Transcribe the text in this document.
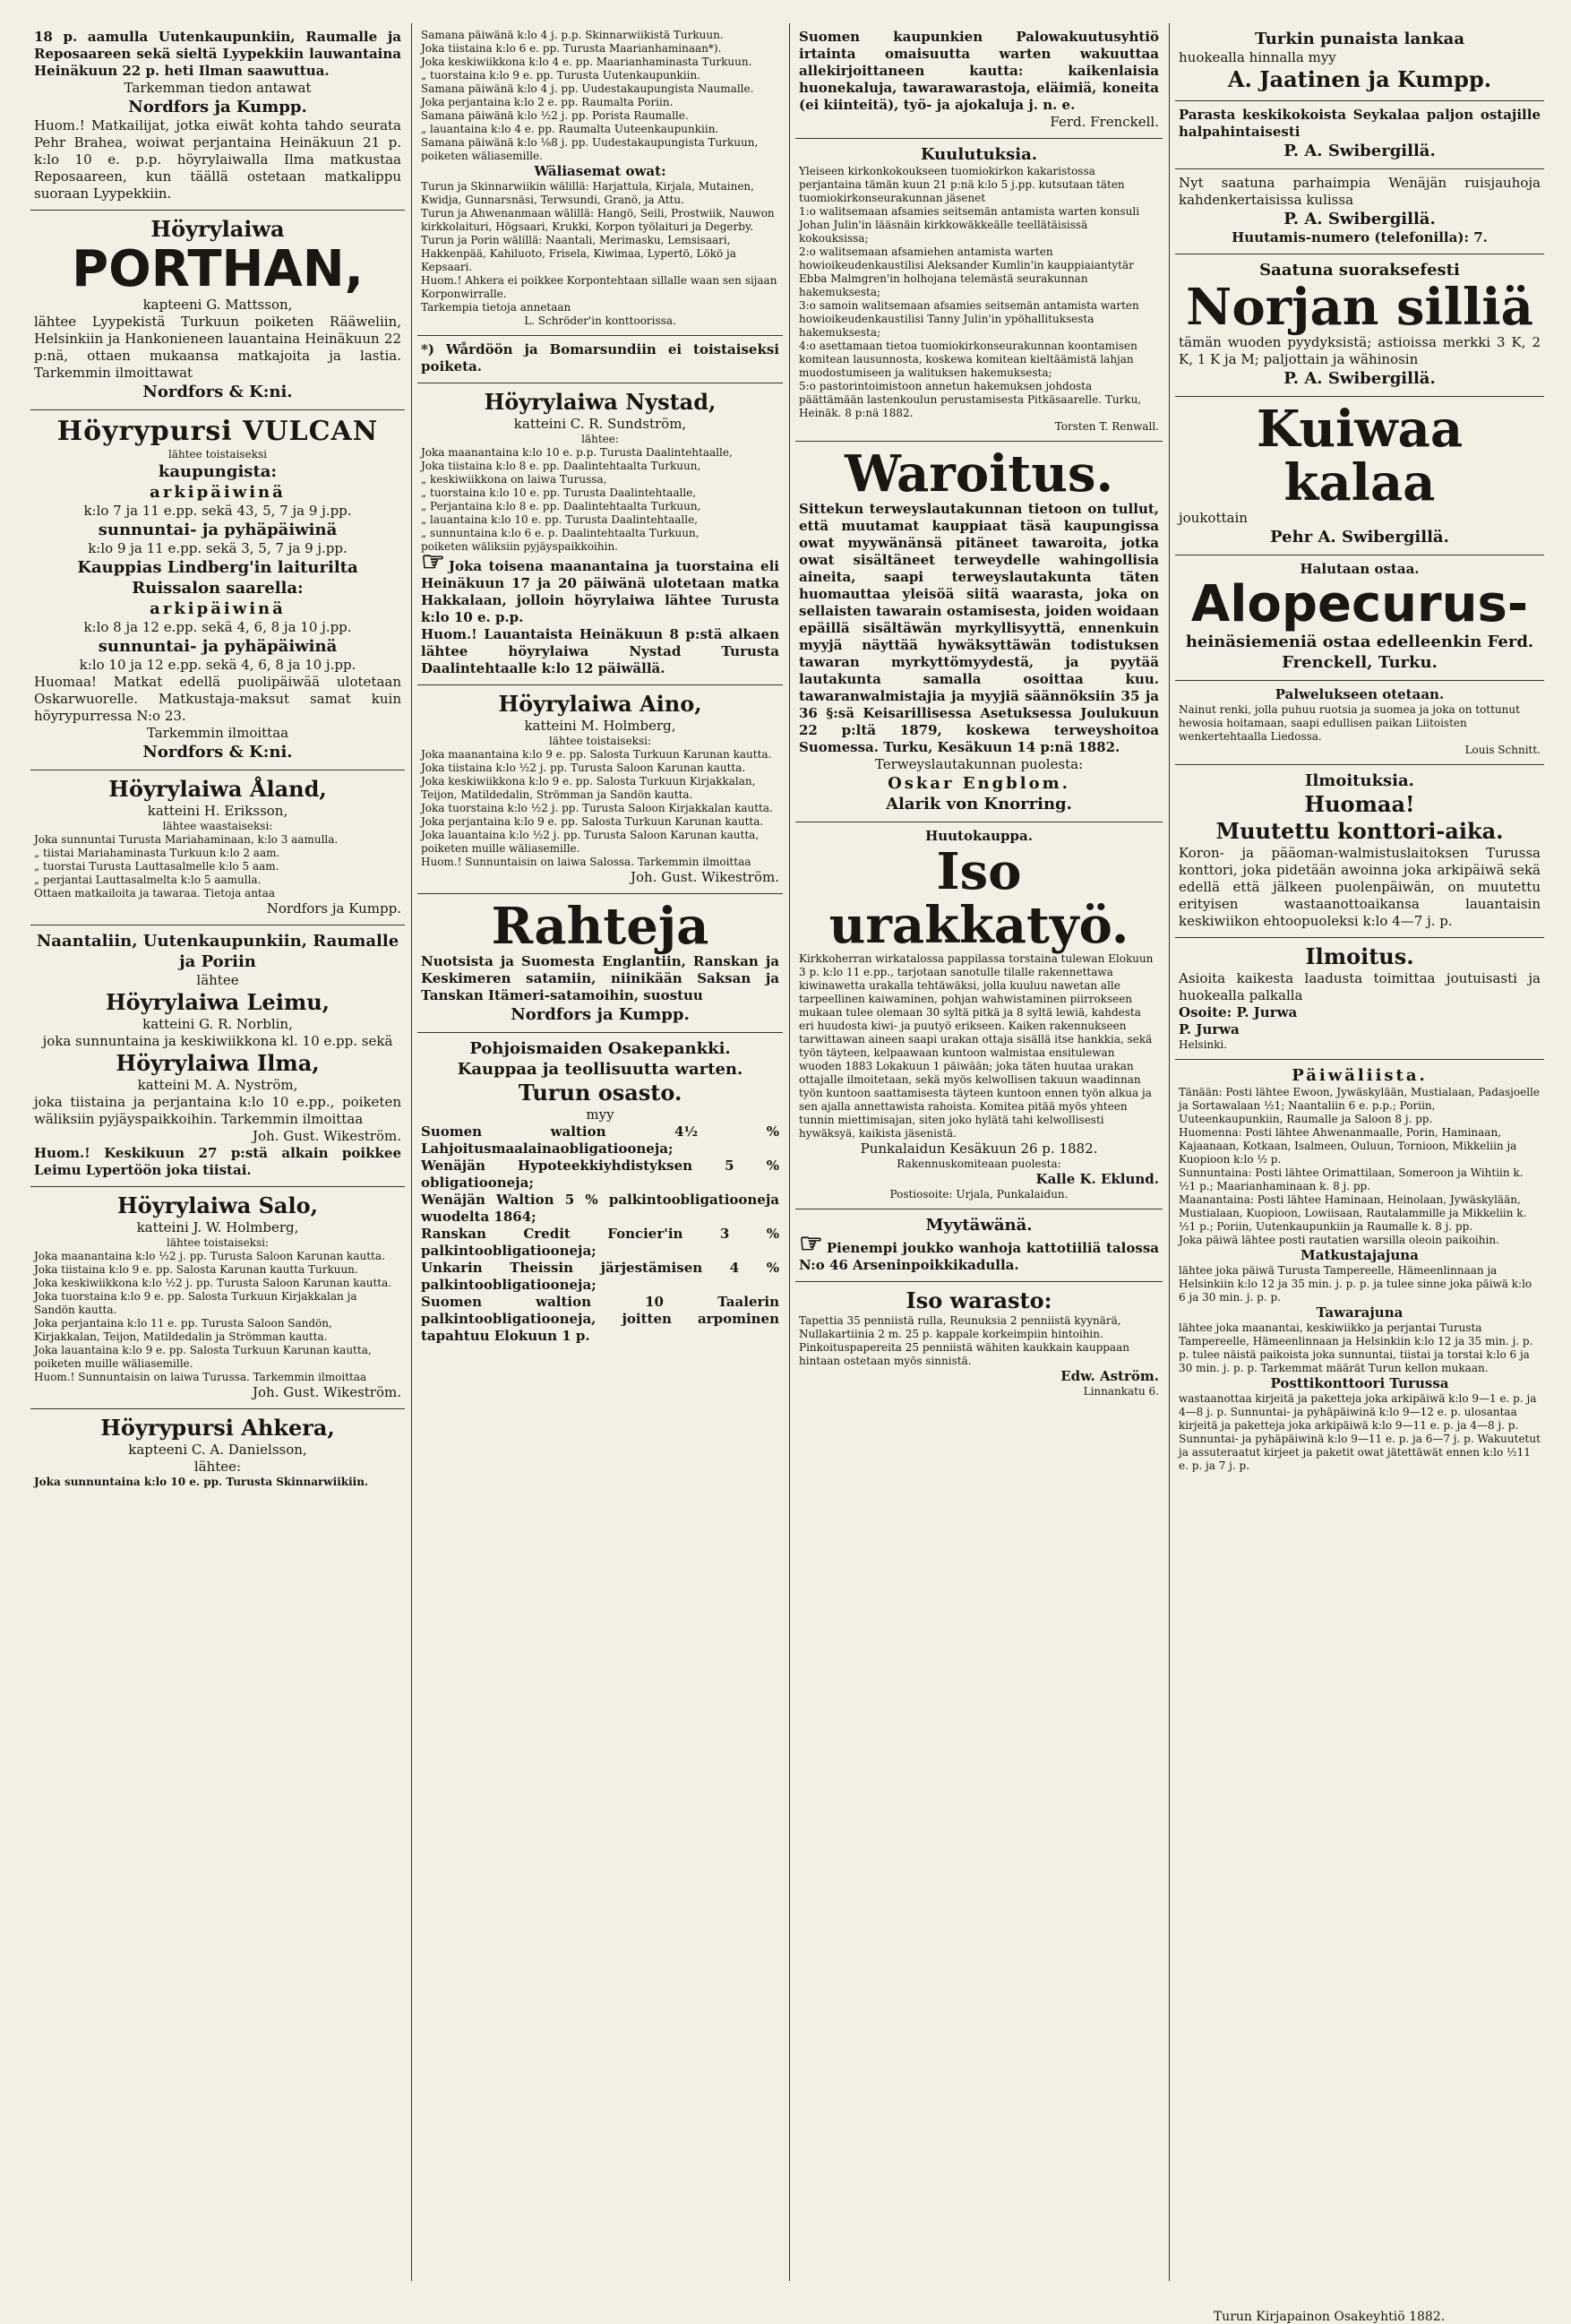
18 p. aamulla Uutenkaupunkiin, Raumalle ja Reposaareen sekä sieltä Lyypekkiin lauwantaina Heinäkuun 22 p. heti Ilman saawuttua.

Tarkemman tiedon antawat

Nordfors ja Kumpp.

Huom.! Matkailijat, jotka eiwät kohta tahdo seurata Pehr Brahea, woiwat perjantaina Heinäkuun 21 p. k:lo 10 e. p.p. höyrylaiwalla Ilma matkustaa Reposaareen, kun täällä ostetaan matkalippu suoraan Lyypekkiin.

Höyrylaiwa

PORTHAN,

kapteeni G. Mattsson,

lähtee Lyypekistä Turkuun poiketen Rääweliin, Helsinkiin ja Hankonieneen lauantaina Heinäkuun 22 p:nä, ottaen mukaansa matkajoita ja lastia. Tarkemmin ilmoittawat

Nordfors & K:ni.

Höyrypursi VULCAN

lähtee toistaiseksi

kaupungista:

arkipäiwinä

k:lo 7 ja 11 e.pp. sekä 43, 5, 7 ja 9 j.pp.

sunnuntai- ja pyhäpäiwinä

k:lo 9 ja 11 e.pp. sekä 3, 5, 7 ja 9 j.pp.

Kauppias Lindberg'in laiturilta Ruissalon saarella:

arkipäiwinä

k:lo 8 ja 12 e.pp. sekä 4, 6, 8 ja 10 j.pp.

sunnuntai- ja pyhäpäiwinä

k:lo 10 ja 12 e.pp. sekä 4, 6, 8 ja 10 j.pp.

Huomaa! Matkat edellä puolipäiwää ulotetaan Oskarwuorelle. Matkustaja-maksut samat kuin höyrypurressa N:o 23.

Tarkemmin ilmoittaa

Nordfors & K:ni.

Höyrylaiwa Åland,

katteini H. Eriksson,

lähtee waastaiseksi:

Joka sunnuntai Turusta Mariahaminaan, k:lo 3 aamulla.

„ tiistai Mariahaminasta Turkuun k:lo 2 aam.

„ tuorstai Turusta Lauttasalmelle k:lo 5 aam.

„ perjantai Lauttasalmelta k:lo 5 aamulla.

Ottaen matkailoita ja tawaraa. Tietoja antaa

Nordfors ja Kumpp.

Naantaliin, Uutenkaupunkiin, Raumalle ja Poriin

lähtee

Höyrylaiwa Leimu,

katteini G. R. Norblin,

joka sunnuntaina ja keskiwiikkona kl. 10 e.pp. sekä

Höyrylaiwa Ilma,

katteini M. A. Nyström,

joka tiistaina ja perjantaina k:lo 10 e.pp., poiketen wäliksiin pyjäyspaikkoihin. Tarkemmin ilmoittaa

Joh. Gust. Wikeström.

Huom.! Keskikuun 27 p:stä alkain poikkee Leimu Lypertöön joka tiistai.

Höyrylaiwa Salo,

katteini J. W. Holmberg,

lähtee toistaiseksi:

Joka maanantaina k:lo ½2 j. pp. Turusta Saloon Karunan kautta.

Joka tiistaina k:lo 9 e. pp. Salosta Karunan kautta Turkuun.

Joka keskiwiikkona k:lo ½2 j. pp. Turusta Saloon Karunan kautta.

Joka tuorstaina k:lo 9 e. pp. Salosta Turkuun Kirjakkalan ja Sandön kautta.

Joka perjantaina k:lo 11 e. pp. Turusta Saloon Sandön, Kirjakkalan, Teijon, Matildedalin ja Strömman kautta.

Joka lauantaina k:lo 9 e. pp. Salosta Turkuun Karunan kautta, poiketen muille wäliasemille.

Huom.! Sunnuntaisin on laiwa Turussa. Tarkemmin ilmoittaa

Joh. Gust. Wikeström.

Höyrypursi Ahkera,

kapteeni C. A. Danielsson,

lähtee:

Joka sunnuntaina k:lo 10 e. pp. Turusta Skinnarwiikiin.

Samana päiwänä k:lo 4 j. p.p. Skinnarwiikistä Turkuun.

Joka tiistaina k:lo 6 e. pp. Turusta Maarianhaminaan*).

Joka keskiwiikkona k:lo 4 e. pp. Maarianhaminasta Turkuun.

„ tuorstaina k:lo 9 e. pp. Turusta Uutenkaupunkiin.

Samana päiwänä k:lo 4 j. pp. Uudestakaupungista Naumalle.

Joka perjantaina k:lo 2 e. pp. Raumalta Poriin.

Samana päiwänä k:lo ½2 j. pp. Porista Raumalle.

„ lauantaina k:lo 4 e. pp. Raumalta Uuteenkaupunkiin.

Samana päiwänä k:lo ⅛8 j. pp. Uudestakaupungista Turkuun, poiketen wäliasemille.

Wäliasemat owat:

Turun ja Skinnarwiikin wälillä: Harjattula, Kirjala, Mutainen, Kwidja, Gunnarsnäsi, Terwsundi, Granö, ja Attu.

Turun ja Ahwenanmaan wälillä: Hangö, Seili, Prostwiik, Nauwon kirkkolaituri, Högsaari, Krukki, Korpon työlaituri ja Degerby.

Turun ja Porin wälillä: Naantali, Merimasku, Lemsisaari, Hakkenpää, Kahiluoto, Frisela, Kiwimaa, Lypertö, Lökö ja Kepsaari.

Huom.! Ahkera ei poikkee Korpontehtaan sillalle waan sen sijaan Korponwirralle.

Tarkempia tietoja annetaan

L. Schröder'in konttoorissa.

*) Wårdöön ja Bomarsundiin ei toistaiseksi poiketa.

Höyrylaiwa Nystad,

katteini C. R. Sundström,

lähtee:

Joka maanantaina k:lo 10 e. p.p. Turusta Daalintehtaalle,

Joka tiistaina k:lo 8 e. pp. Daalintehtaalta Turkuun,

„ keskiwiikkona on laiwa Turussa,

„ tuorstaina k:lo 10 e. pp. Turusta Daalintehtaalle,

„ Perjantaina k:lo 8 e. pp. Daalintehtaalta Turkuun,

„ lauantaina k:lo 10 e. pp. Turusta Daalintehtaalle,

„ sunnuntaina k:lo 6 e. p. Daalintehtaalta Turkuun,

poiketen wäliksiin pyjäyspaikkoihin.

☞ Joka toisena maanantaina ja tuorstaina eli Heinäkuun 17 ja 20 päiwänä ulotetaan matka Hakkalaan, jolloin höyrylaiwa lähtee Turusta k:lo 10 e. p.p.

Huom.! Lauantaista Heinäkuun 8 p:stä alkaen lähtee höyrylaiwa Nystad Turusta Daalintehtaalle k:lo 12 päiwällä.

Höyrylaiwa Aino,

katteini M. Holmberg,

lähtee toistaiseksi:

Joka maanantaina k:lo 9 e. pp. Salosta Turkuun Karunan kautta.

Joka tiistaina k:lo ½2 j. pp. Turusta Saloon Karunan kautta.

Joka keskiwiikkona k:lo 9 e. pp. Salosta Turkuun Kirjakkalan, Teijon, Matildedalin, Strömman ja Sandön kautta.

Joka tuorstaina k:lo ½2 j. pp. Turusta Saloon Kirjakkalan kautta.

Joka perjantaina k:lo 9 e. pp. Salosta Turkuun Karunan kautta.

Joka lauantaina k:lo ½2 j. pp. Turusta Saloon Karunan kautta, poiketen muille wäliasemille.

Huom.! Sunnuntaisin on laiwa Salossa. Tarkemmin ilmoittaa

Joh. Gust. Wikeström.

Rahteja

Nuotsista ja Suomesta Englantiin, Ranskan ja Keskimeren satamiin, niinikään Saksan ja Tanskan Itämeri-satamoihin, suostuu

Nordfors ja Kumpp.

Pohjoismaiden Osakepankki.

Kauppaa ja teollisuutta warten.

Turun osasto.

myy

Suomen waltion 4½ % Lahjoitusmaalainaobligatiooneja;

Wenäjän Hypoteekkiyhdistyksen 5 % obligatiooneja;

Wenäjän Waltion 5 % palkintoobligatiooneja wuodelta 1864;

Ranskan Credit Foncier'in 3 % palkintoobligatiooneja;

Unkarin Theissin järjestämisen 4 % palkintoobligatiooneja;

Suomen waltion 10 Taalerin palkintoobligatiooneja, joitten arpominen tapahtuu Elokuun 1 p.

Suomen kaupunkien Palowakuutusyhtiö irtainta omaisuutta warten wakuuttaa allekirjoittaneen kautta: kaikenlaisia huonekaluja, tawarawarastoja, eläimiä, koneita (ei kiinteitä), työ- ja ajokaluja j. n. e.

Ferd. Frenckell.

Kuulutuksia.

Yleiseen kirkonkokoukseen tuomiokirkon kakaristossa perjantaina tämän kuun 21 p:nä k:lo 5 j.pp. kutsutaan täten tuomiokirkonseurakunnan jäsenet

1:o walitsemaan afsamies seitsemän antamista warten konsuli Johan Julin'in lääsnäin kirkkowäkkeälle teellätäisissä kokouksissa;

2:o walitsemaan afsamiehen antamista warten howioikeudenkaustilisi Aleksander Kumlin'in kauppiaiantytär Ebba Malmgren'in holhojana telemästä seurakunnan hakemuksesta;

3:o samoin walitsemaan afsamies seitsemän antamista warten howioikeudenkaustilisi Tanny Julin'in ypöhallituksesta hakemuksesta;

4:o asettamaan tietoa tuomiokirkonseurakunnan koontamisen komitean lausunnosta, koskewa komitean kieltäämistä lahjan muodostumiseen ja walituksen hakemuksesta;

5:o pastorintoimistoon annetun hakemuksen johdosta päättämään lastenkoulun perustamisesta Pitkäsaarelle. Turku, Heinäk. 8 p:nä 1882.

Torsten T. Renwall.

Waroitus.

Sittekun terweyslautakunnan tietoon on tullut, että muutamat kauppiaat täsä kaupungissa owat myywänänsä pitäneet tawaroita, jotka owat sisältäneet terweydelle wahingollisia aineita, saapi terweyslautakunta täten huomauttaa yleisöä siitä waarasta, joka on sellaisten tawarain ostamisesta, joiden woidaan epäillä sisältäwän myrkyllisyyttä, ennenkuin myyjä näyttää hywäksyttäwän todistuksen tawaran myrkyttömyydestä, ja pyytää lautakunta samalla osoittaa kuu. tawaranwalmistajia ja myyjiä säännöksiin 35 ja 36 §:sä Keisarillisessa Asetuksessa Joulukuun 22 p:ltä 1879, koskewa terweyshoitoa Suomessa. Turku, Kesäkuun 14 p:nä 1882.

Terweyslautakunnan puolesta:

Oskar Engblom.

Alarik von Knorring.

Huutokauppa.

Iso urakkatyö.

Kirkkoherran wirkatalossa pappilassa torstaina tulewan Elokuun 3 p. k:lo 11 e.pp., tarjotaan sanotulle tilalle rakennettawa kiwinawetta urakalla tehtäwäksi, jolla kuuluu nawetan alle tarpeellinen kaiwaminen, pohjan wahwistaminen piirrokseen mukaan tulee olemaan 30 syltä pitkä ja 8 syltä lewiä, kahdesta eri huudosta kiwi- ja puutyö erikseen. Kaiken rakennukseen tarwittawan aineen saapi urakan ottaja sisällä itse hankkia, sekä työn täyteen, kelpaawaan kuntoon walmistaa ensitulewan wuoden 1883 Lokakuun 1 päiwään; joka täten huutaa urakan ottajalle ilmoitetaan, sekä myös kelwollisen takuun waadinnan työn kuntoon saattamisesta täyteen kuntoon ennen työn alkua ja sen ajalla annettawista rahoista. Komitea pitää myös yhteen tunnin miettimisajan, siten joko hylätä tahi kelwollisesti hywäksyä, kaikista jäsenistä.

Punkalaidun Kesäkuun 26 p. 1882.

Rakennuskomiteaan puolesta:

Kalle K. Eklund.

Postiosoite: Urjala, Punkalaidun.

Myytäwänä.

☞ Pienempi joukko wanhoja kattotiiliä talossa N:o 46 Arseninpoikkikadulla.

Iso warasto:

Tapettia 35 penniistä rulla, Reunuksia 2 penniistä kyynärä, Nullakartiinia 2 m. 25 p. kappale korkeimpiin hintoihin.

Pinkoituspapereita 25 penniistä wähiten kaukkain kauppaan hintaan ostetaan myös sinnistä.

Edw. Aström.

Linnankatu 6.

Turkin punaista lankaa

huokealla hinnalla myy

A. Jaatinen ja Kumpp.

Parasta keskikokoista Seykalaa paljon ostajille halpahintaisesti

P. A. Swibergillä.

Nyt saatuna parhaimpia Wenäjän ruisjauhoja kahdenkertaisissa kulissa

P. A. Swibergillä.

Huutamis-numero (telefonilla): 7.

Saatuna suoraksefesti

Norjan silliä

tämän wuoden pyydyksistä; astioissa merkki 3 K, 2 K, 1 K ja M; paljottain ja wähinosin

P. A. Swibergillä.

Kuiwaa kalaa

joukottain

Pehr A. Swibergillä.

Halutaan ostaa.

Alopecurus-

heinäsiemeniä ostaa edelleenkin Ferd. Frenckell, Turku.

Palwelukseen otetaan.

Nainut renki, jolla puhuu ruotsia ja suomea ja joka on tottunut hewosia hoitamaan, saapi edullisen paikan Liitoisten wenkertehtaalla Liedossa.

Louis Schnitt.

Ilmoituksia.

Huomaa!

Muutettu konttori-aika.

Koron- ja pääoman-walmistuslaitoksen Turussa konttori, joka pidetään awoinna joka arkipäiwä sekä edellä että jälkeen puolenpäiwän, on muutettu erityisen wastaanottoaikansa lauantaisin keskiwiikon ehtoopuoleksi k:lo 4—7 j. p.

Ilmoitus.

Asioita kaikesta laadusta toimittaa joutuisasti ja huokealla palkalla

Osoite: P. Jurwa

P. Jurwa

Helsinki.

Päiwäliista.

Tänään: Posti lähtee Ewoon, Jywäskylään, Mustialaan, Padasjoelle ja Sortawalaan ½1; Naantaliin 6 e. p.p.; Poriin, Uuteenkaupunkiin, Raumalle ja Saloon 8 j. pp.

Huomenna: Posti lähtee Ahwenanmaalle, Porin, Haminaan, Kajaanaan, Kotkaan, Isalmeen, Ouluun, Tornioon, Mikkeliin ja Kuopioon k:lo ½ p.

Sunnuntaina: Posti lähtee Orimattilaan, Someroon ja Wihtiin k. ½1 p.; Maarianhaminaan k. 8 j. pp.

Maanantaina: Posti lähtee Haminaan, Heinolaan, Jywäskylään, Mustialaan, Kuopioon, Lowiisaan, Rautalammille ja Mikkeliin k. ½1 p.; Poriin, Uutenkaupunkiin ja Raumalle k. 8 j. pp.

Joka päiwä lähtee posti rautatien warsilla oleoin paikoihin.

Matkustajajuna

lähtee joka päiwä Turusta Tampereelle, Hämeenlinnaan ja Helsinkiin k:lo 12 ja 35 min. j. p. p. ja tulee sinne joka päiwä k:lo 6 ja 30 min. j. p. p.

Tawarajuna

lähtee joka maanantai, keskiwiikko ja perjantai Turusta Tampereelle, Hämeenlinnaan ja Helsinkiin k:lo 12 ja 35 min. j. p. p. tulee näistä paikoista joka sunnuntai, tiistai ja torstai k:lo 6 ja 30 min. j. p. p. Tarkemmat määrät Turun kellon mukaan.

Posttikonttoori Turussa

wastaanottaa kirjeitä ja paketteja joka arkipäiwä k:lo 9—1 e. p. ja 4—8 j. p. Sunnuntai- ja pyhäpäiwinä k:lo 9—12 e. p. ulosantaa kirjeitä ja paketteja joka arkipäiwä k:lo 9—11 e. p. ja 4—8 j. p. Sunnuntai- ja pyhäpäiwinä k:lo 9—11 e. p. ja 6—7 j. p. Wakuutetut ja assuteraatut kirjeet ja paketit owat jätettäwät ennen k:lo ½11 e. p. ja 7 j. p.

Turun Kirjapainon Osakeyhtiö 1882.
